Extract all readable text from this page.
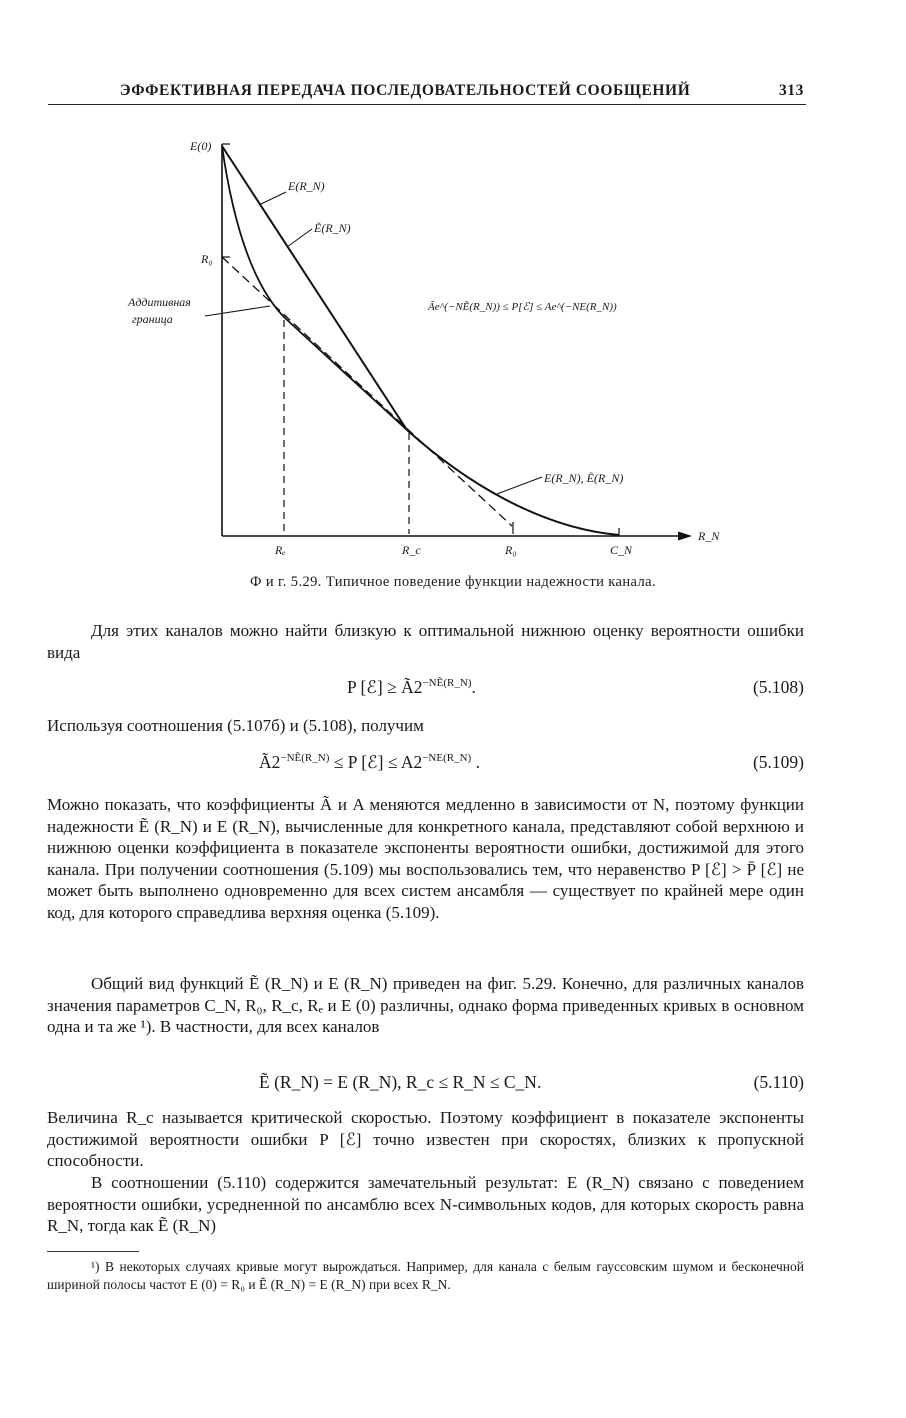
ЭФФЕКТИВНАЯ ПЕРЕДАЧА ПОСЛЕДОВАТЕЛЬНОСТЕЙ СООБЩЕНИЙ	313
E(0)
R₀
R_N
Rₑ	R_c	R₀	C_N
E(R_N)
Ẽ(R_N)
E(R_N), Ẽ(R_N)
Аддитивная
граница
Ãe^(−NẼ(R_N)) ≤ P[ℰ] ≤ Ae^(−NE(R_N))
Ф и г. 5.29. Типичное поведение функции надежности канала.

Для этих каналов можно найти близкую к оптимальной нижнюю оценку вероятности ошибки вида

P [ℰ] ≥ $Ã2^{-NẼ(R\_N)}$.	(5.108)

Используя соотношения (5.107б) и (5.108), получим

$Ã2^{-NẼ(R\_N)} \le P$ [ℰ] ≤ $A2^{-NE(R\_N)}$ .	(5.109)

Можно показать, что коэффициенты Ã и A меняются медленно в зависимости от N, поэтому функции надежности Ẽ (R_N) и E (R_N), вычисленные для конкретного канала, представляют собой верхнюю и нижнюю оценки коэффициента в показателе экспоненты вероятности ошибки, достижимой для этого канала. При получении соотношения (5.109) мы воспользовались тем, что неравенство P [ℰ] > P̄ [ℰ] не может быть выполнено одновременно для всех систем ансамбля — существует по крайней мере один код, для которого справедлива верхняя оценка (5.109).

Общий вид функций Ẽ (R_N) и E (R_N) приведен на фиг. 5.29. Конечно, для различных каналов значения параметров C_N, R₀, R_c, Rₑ и E (0) различны, однако форма приведенных кривых в основном одна и та же ¹). В частности, для всех каналов

Ẽ (R_N) = E (R_N), R_c ≤ R_N ≤ C_N.	(5.110)

Величина R_c называется критической скоростью. Поэтому коэффициент в показателе экспоненты достижимой вероятности ошибки P [ℰ] точно известен при скоростях, близких к пропускной способности.

В соотношении (5.110) содержится замечательный результат: E (R_N) связано с поведением вероятности ошибки, усредненной по ансамблю всех N-символьных кодов, для которых скорость равна R_N, тогда как Ẽ (R_N)

¹) В некоторых случаях кривые могут вырождаться. Например, для канала с белым гауссовским шумом и бесконечной шириной полосы частот E (0) = R₀ и Ẽ (R_N) = E (R_N) при всех R_N.
